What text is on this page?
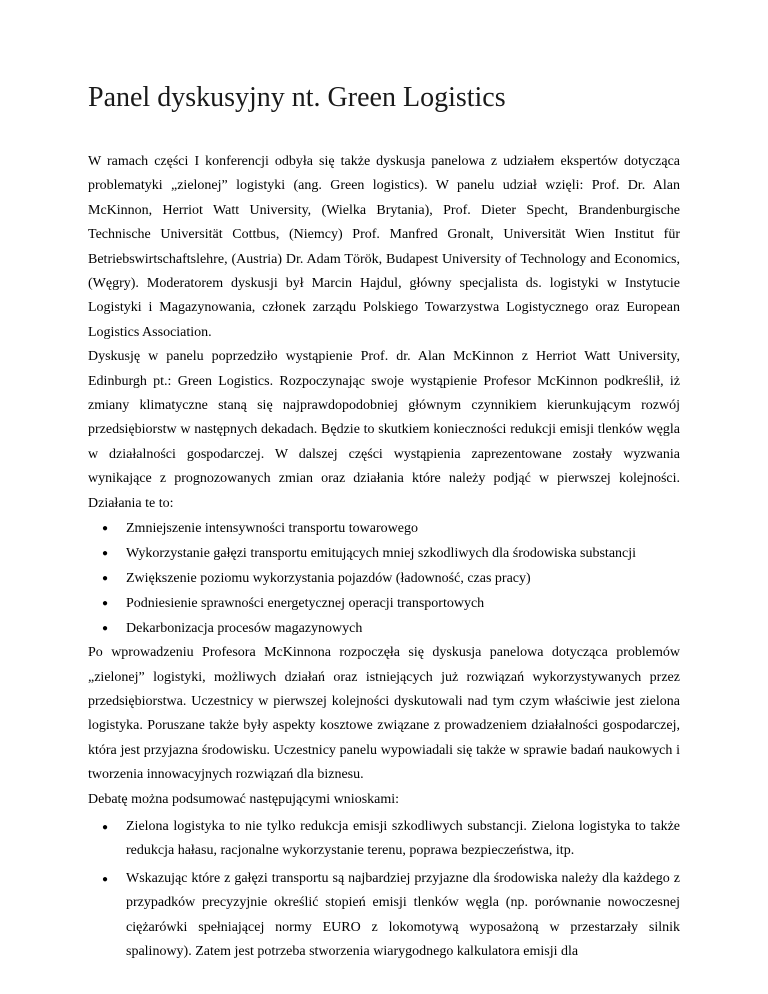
Panel dyskusyjny nt. Green Logistics

W ramach części I konferencji odbyła się także dyskusja panelowa z udziałem ekspertów dotycząca problematyki „zielonej” logistyki (ang. Green logistics). W panelu udział wzięli: Prof. Dr. Alan McKinnon, Herriot Watt University, (Wielka Brytania), Prof. Dieter Specht, Brandenburgische Technische Universität Cottbus, (Niemcy) Prof. Manfred Gronalt, Universität Wien Institut für Betriebswirtschaftslehre, (Austria) Dr. Adam Török, Budapest University of Technology and Economics, (Węgry). Moderatorem dyskusji był Marcin Hajdul, główny specjalista ds. logistyki w Instytucie Logistyki i Magazynowania, członek zarządu Polskiego Towarzystwa Logistycznego oraz European Logistics Association.

Dyskusję w panelu poprzedziło wystąpienie Prof. dr. Alan McKinnon z Herriot Watt University, Edinburgh pt.: Green Logistics. Rozpoczynając swoje wystąpienie Profesor McKinnon podkreślił, iż zmiany klimatyczne staną się najprawdopodobniej głównym czynnikiem kierunkującym rozwój przedsiębiorstw w następnych dekadach. Będzie to skutkiem konieczności redukcji emisji tlenków węgla w działalności gospodarczej. W dalszej części wystąpienia zaprezentowane zostały wyzwania wynikające z prognozowanych zmian oraz działania które należy podjąć w pierwszej kolejności. Działania te to:

● Zmniejszenie intensywności transportu towarowego
● Wykorzystanie gałęzi transportu emitujących mniej szkodliwych dla środowiska substancji
● Zwiększenie poziomu wykorzystania pojazdów (ładowność, czas pracy)
● Podniesienie sprawności energetycznej operacji transportowych
● Dekarbonizacja procesów magazynowych

Po wprowadzeniu Profesora McKinnona rozpoczęła się dyskusja panelowa dotycząca problemów „zielonej” logistyki, możliwych działań oraz istniejących już rozwiązań wykorzystywanych przez przedsiębiorstwa. Uczestnicy w pierwszej kolejności dyskutowali nad tym czym właściwie jest zielona logistyka. Poruszane także były aspekty kosztowe związane z prowadzeniem działalności gospodarczej, która jest przyjazna środowisku. Uczestnicy panelu wypowiadali się także w sprawie badań naukowych i tworzenia innowacyjnych rozwiązań dla biznesu.

Debatę można podsumować następującymi wnioskami:

● Zielona logistyka to nie tylko redukcja emisji szkodliwych substancji. Zielona logistyka to także redukcja hałasu, racjonalne wykorzystanie terenu, poprawa bezpieczeństwa, itp.
● Wskazując które z gałęzi transportu są najbardziej przyjazne dla środowiska należy dla każdego z przypadków precyzyjnie określić stopień emisji tlenków węgla (np. porównanie nowoczesnej ciężarówki spełniającej normy EURO z lokomotywą wyposażoną w przestarzały silnik spalinowy). Zatem jest potrzeba stworzenia wiarygodnego kalkulatora emisji dla
